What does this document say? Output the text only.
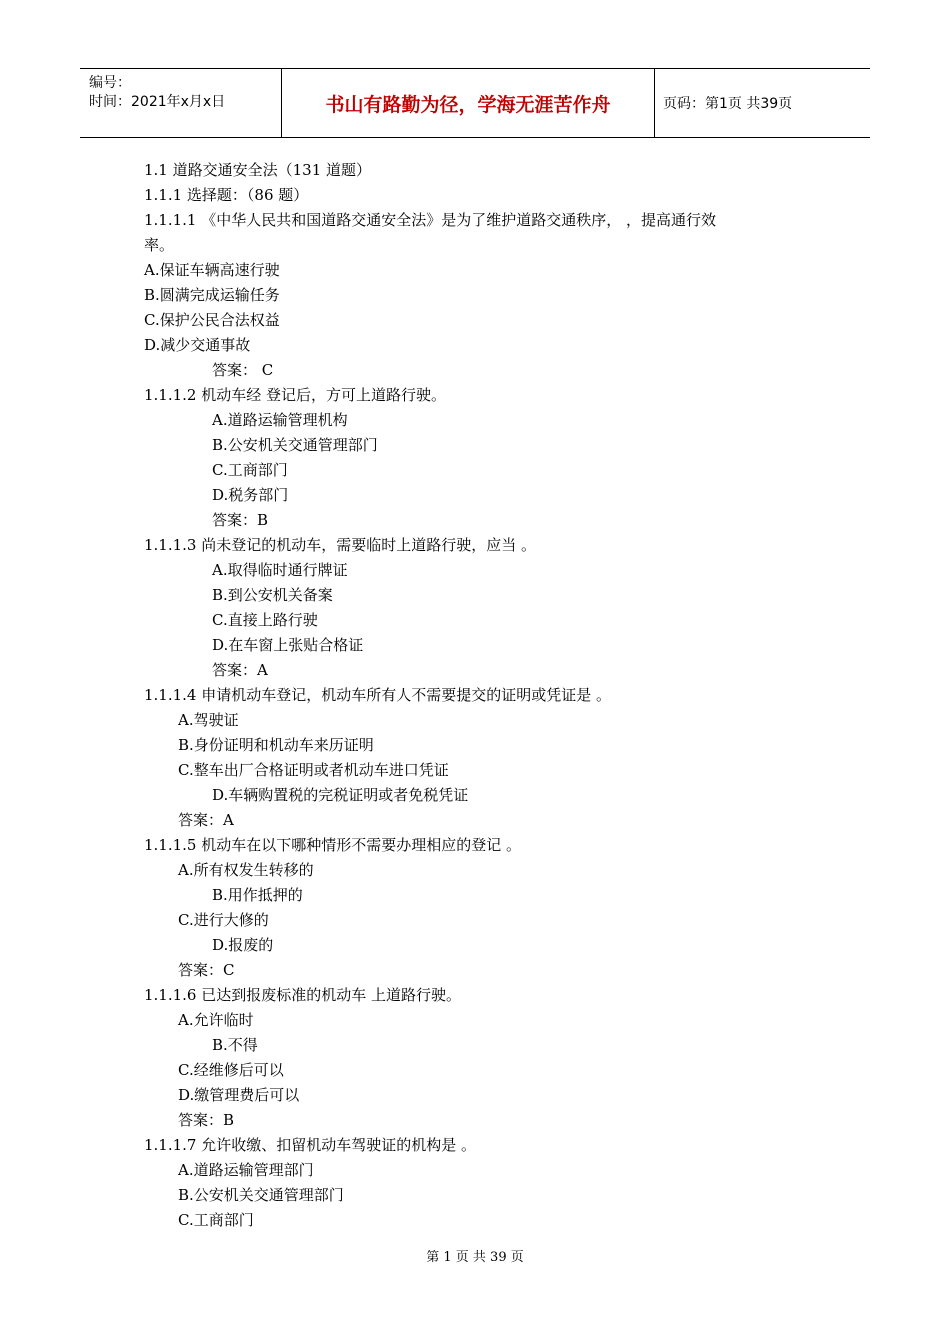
编号：
时间：2021年x月x日	书山有路勤为径，学海无涯苦作舟	页码：第1页 共39页
1.1 道路交通安全法（131 道题）
1.1.1 选择题：（86 题）
1.1.1.1 《中华人民共和国道路交通安全法》是为了维护道路交通秩序， ，提高通行效
率。
A.保证车辆高速行驶
B.圆满完成运输任务
C.保护公民合法权益
D.减少交通事故
答案： C
1.1.1.2 机动车经 登记后，方可上道路行驶。
A.道路运输管理机构
B.公安机关交通管理部门
C.工商部门
D.税务部门
答案：B
1.1.1.3 尚未登记的机动车，需要临时上道路行驶，应当 。
A.取得临时通行牌证
B.到公安机关备案
C.直接上路行驶
D.在车窗上张贴合格证
答案：A
1.1.1.4 申请机动车登记，机动车所有人不需要提交的证明或凭证是 。
A.驾驶证
B.身份证明和机动车来历证明
C.整车出厂合格证明或者机动车进口凭证
D.车辆购置税的完税证明或者免税凭证
答案：A
1.1.1.5 机动车在以下哪种情形不需要办理相应的登记 。
A.所有权发生转移的
B.用作抵押的
C.进行大修的
D.报废的
答案：C
1.1.1.6 已达到报废标准的机动车 上道路行驶。
A.允许临时
B.不得
C.经维修后可以
D.缴管理费后可以
答案：B
1.1.1.7 允许收缴、扣留机动车驾驶证的机构是 。
A.道路运输管理部门
B.公安机关交通管理部门
C.工商部门
第 1 页 共 39 页
